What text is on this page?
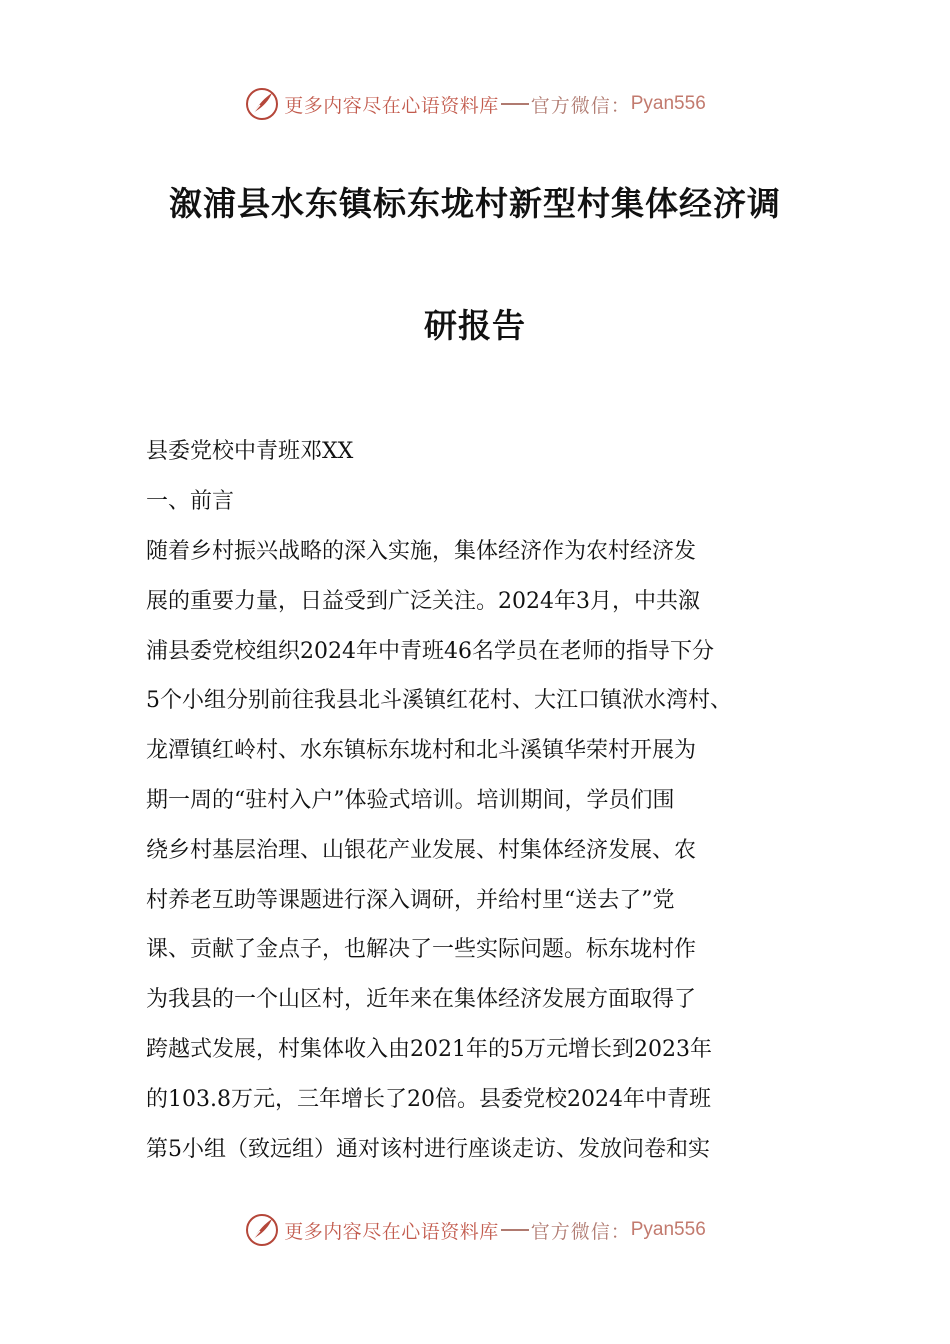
更多内容尽在心语资料库 官方微信： Pyan556
溆浦县水东镇标东垅村新型村集体经济调
研报告
县委党校中青班邓XX
一、前言
随着乡村振兴战略的深入实施，集体经济作为农村经济发
展的重要力量，日益受到广泛关注。2024年3月，中共溆
浦县委党校组织2024年中青班46名学员在老师的指导下分
5个小组分别前往我县北斗溪镇红花村、大江口镇洑水湾村、
龙潭镇红岭村、水东镇标东垅村和北斗溪镇华荣村开展为
期一周的“驻村入户”体验式培训。培训期间，学员们围
绕乡村基层治理、山银花产业发展、村集体经济发展、农
村养老互助等课题进行深入调研，并给村里“送去了”党
课、贡献了金点子，也解决了一些实际问题。标东垅村作
为我县的一个山区村，近年来在集体经济发展方面取得了
跨越式发展，村集体收入由2021年的5万元增长到2023年
的103.8万元，三年增长了20倍。县委党校2024年中青班
第5小组（致远组）通对该村进行座谈走访、发放问卷和实
更多内容尽在心语资料库 官方微信： Pyan556
